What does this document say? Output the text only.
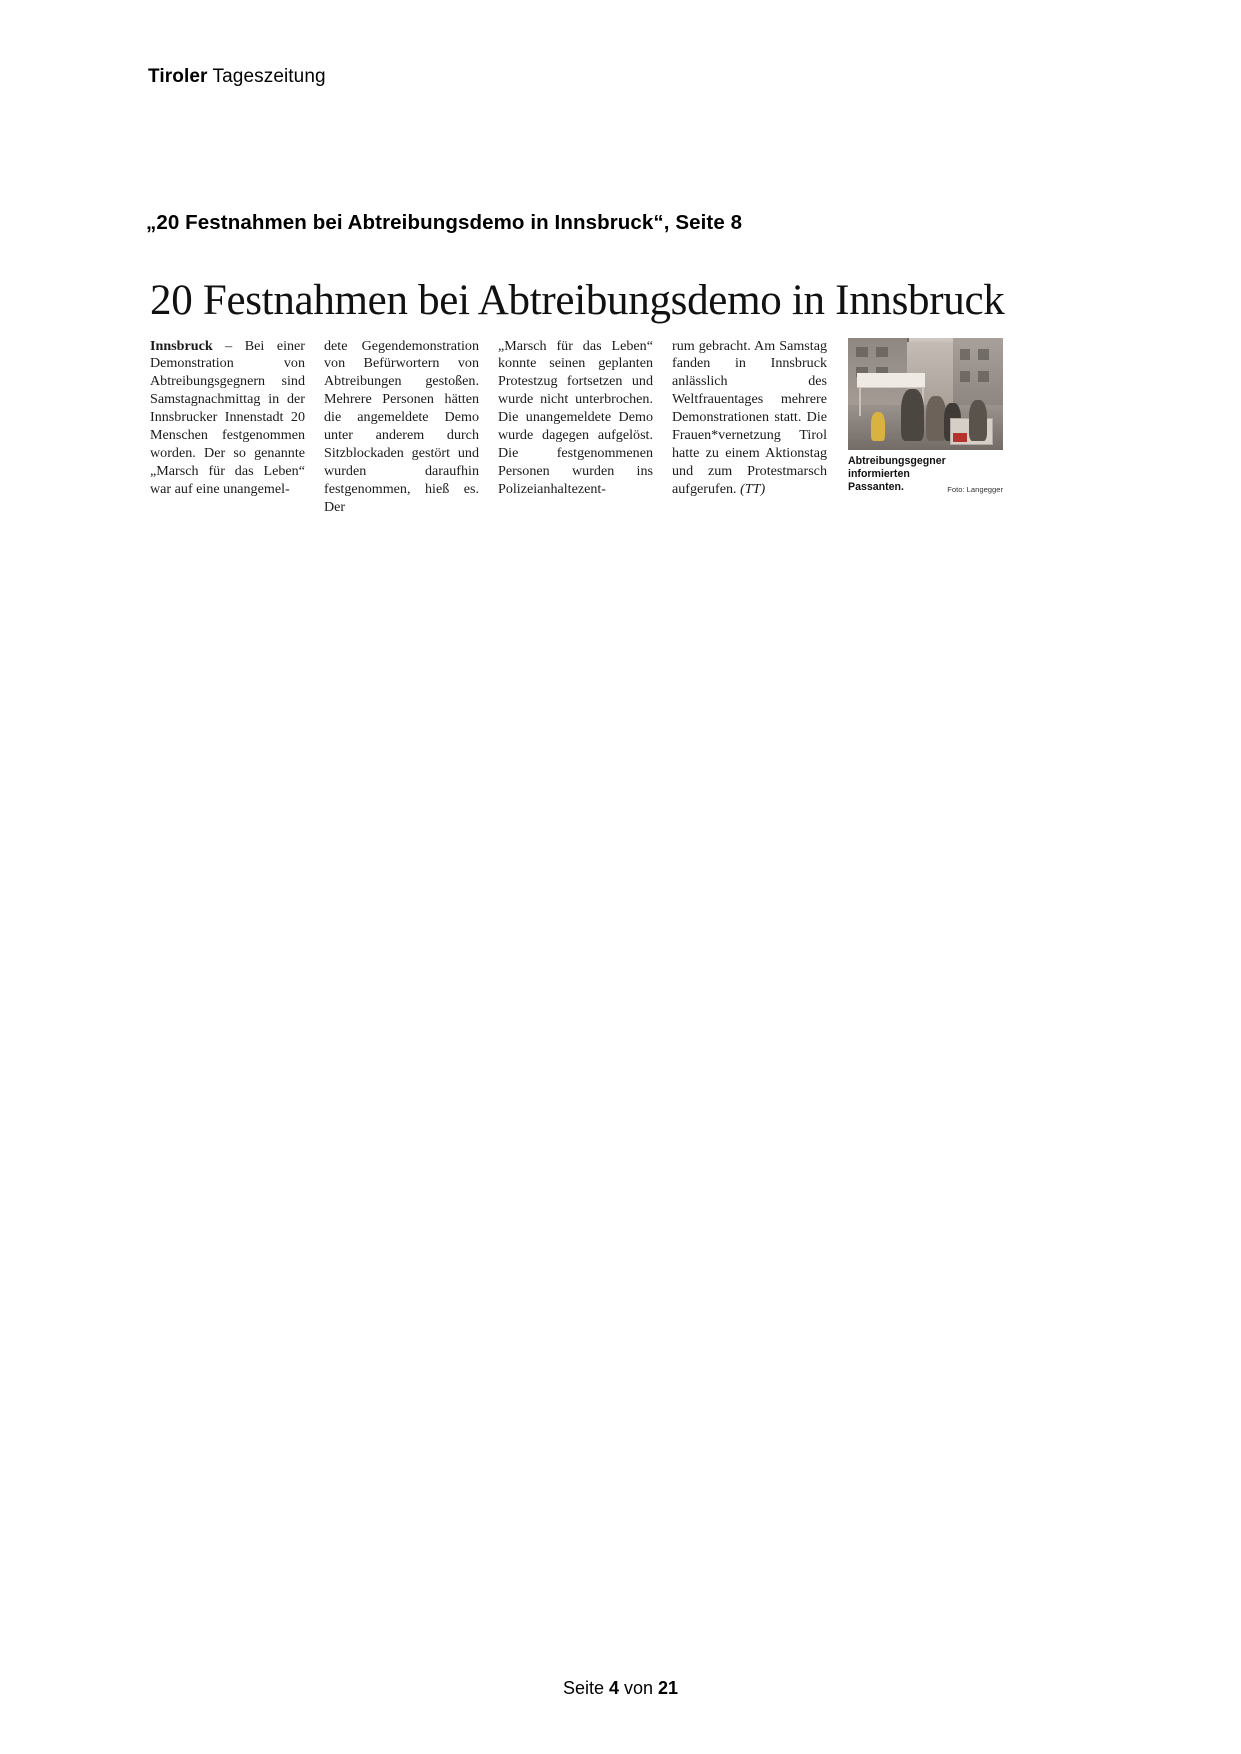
Tiroler Tageszeitung
„20 Festnahmen bei Abtreibungsdemo in Innsbruck“, Seite 8
20 Festnahmen bei Abtreibungsdemo in Innsbruck

Innsbruck – Bei einer Demonstration von Abtreibungsgegnern sind Samstagnachmittag in der Innsbrucker Innenstadt 20 Menschen festgenommen worden. Der so genannte „Marsch für das Leben“ war auf eine unangemel-

dete Gegendemonstration von Befürwortern von Abtreibungen gestoßen. Mehrere Personen hätten die angemeldete Demo unter anderem durch Sitzblockaden gestört und wurden daraufhin festgenommen, hieß es. Der

„Marsch für das Leben“ konnte seinen geplanten Protestzug fortsetzen und wurde nicht unterbrochen. Die unangemeldete Demo wurde dagegen aufgelöst. Die festgenommenen Personen wurden ins Polizeianhaltezent-

rum gebracht. Am Samstag fanden in Innsbruck anlässlich des Weltfrauentages mehrere Demonstrationen statt. Die Frauen*vernetzung Tirol hatte zu einem Aktionstag und zum Protestmarsch aufgerufen. (TT)

Abtreibungsgegner informierten
Passanten.	Foto: Langegger
Seite 4 von 21
